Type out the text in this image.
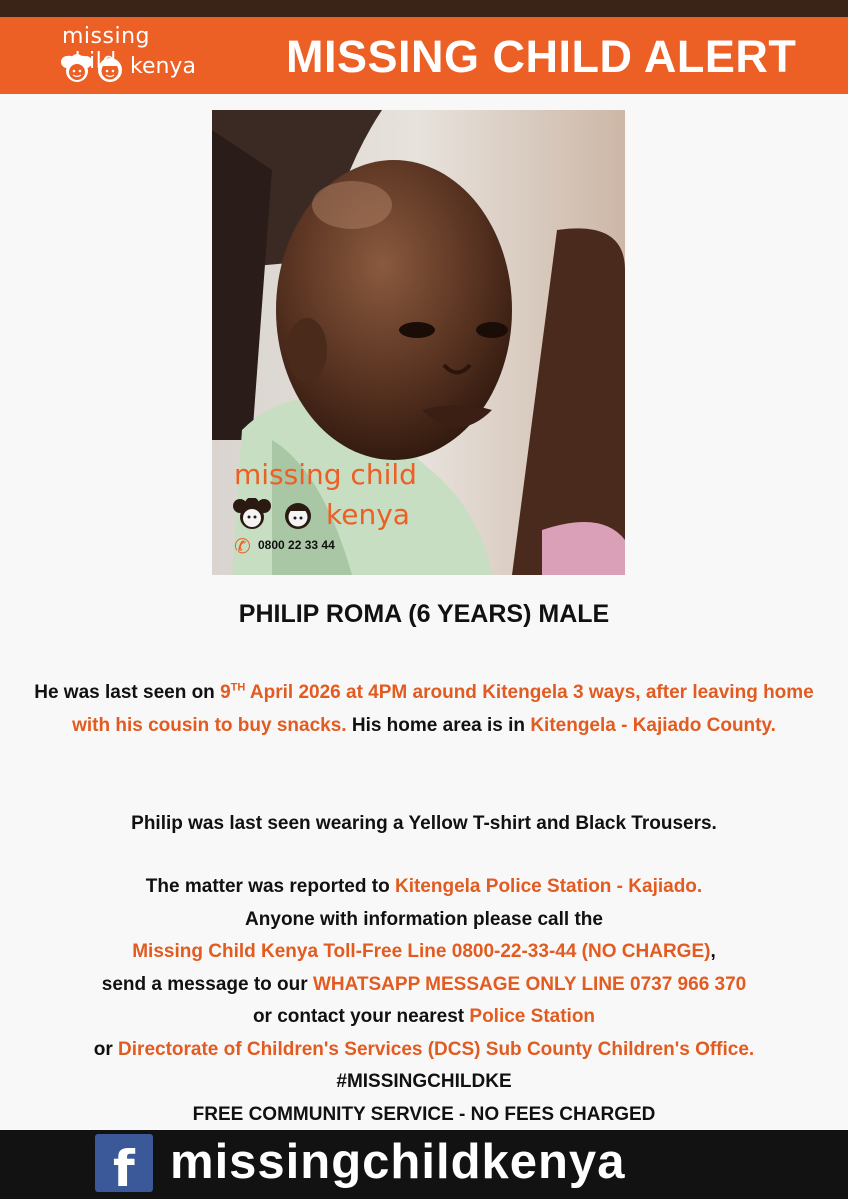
missing
kenya MISSING CHILD ALERT
missing child
kenya
✆ 0800 22 33 44
PHILIP ROMA (6 YEARS) MALE
He was last seen on 9TH April 2026 at 4PM around Kitengela 3 ways, after leaving home with his cousin to buy snacks. His home area is in Kitengela - Kajiado County.
Philip was last seen wearing a Yellow T-shirt and Black Trousers.
The matter was reported to Kitengela Police Station - Kajiado.
Anyone with information please call the
Missing Child Kenya Toll-Free Line 0800-22-33-44 (NO CHARGE),
send a message to our WHATSAPP MESSAGE ONLY LINE 0737 966 370
or contact your nearest Police Station
or Directorate of Children's Services (DCS) Sub County Children's Office.
#MISSINGCHILDKE
FREE COMMUNITY SERVICE - NO FEES CHARGED
f missingchildkenya
